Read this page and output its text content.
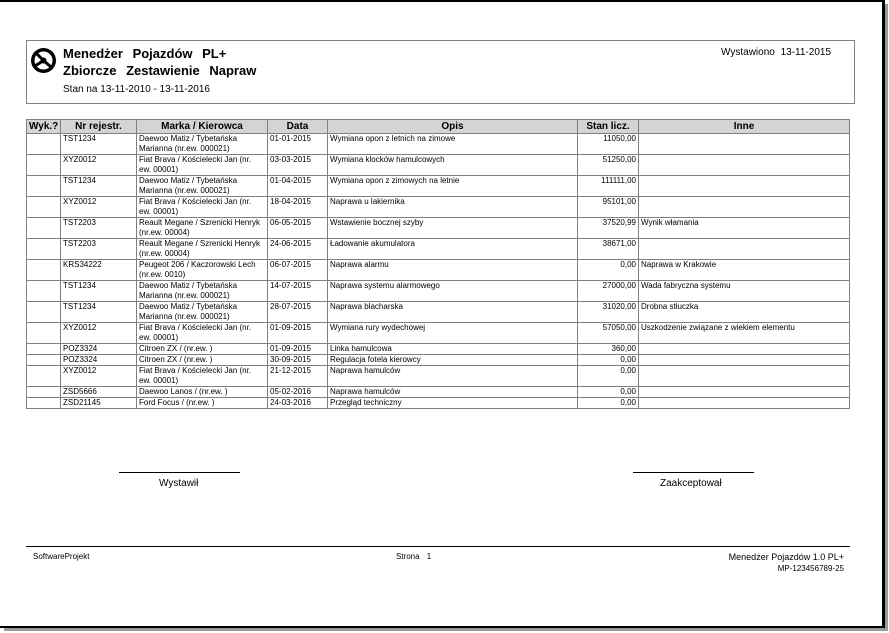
Menedżer Pojazdów PL+
Zbiorcze Zestawienie Napraw
Stan na 13-11-2010 - 13-11-2016
Wystawiono 13-11-2015
Wyk.?	Nr rejestr.	Marka / Kierowca	Data	Opis	Stan licz.	Inne
	TST1234	Daewoo Matiz / Tybetańska Marianna (nr.ew. 000021)	01-01-2015	Wymiana opon z letnich na zimowe	11050,00	
	XYZ0012	Fiat Brava / Kościelecki Jan (nr. ew. 00001)	03-03-2015	Wymiana klocków hamulcowych	51250,00	
	TST1234	Daewoo Matiz / Tybetańska Marianna (nr.ew. 000021)	01-04-2015	Wymiana opon z zimowych na letnie	111111,00	
	XYZ0012	Fiat Brava / Kościelecki Jan (nr. ew. 00001)	18-04-2015	Naprawa u lakiernika	95101,00	
	TST2203	Reault Megane / Szrenicki Henryk (nr.ew. 00004)	06-05-2015	Wstawienie bocznej szyby	37520,99	Wynik włamania
	TST2203	Reault Megane / Szrenicki Henryk (nr.ew. 00004)	24-06-2015	Ładowanie akumulatora	38671,00	
	KRS34222	Peugeot 206 / Kaczorowski Lech (nr.ew. 0010)	06-07-2015	Naprawa alarmu	0,00	Naprawa w Krakowie
	TST1234	Daewoo Matiz / Tybetańska Marianna (nr.ew. 000021)	14-07-2015	Naprawa systemu alarmowego	27000,00	Wada fabryczna systemu
	TST1234	Daewoo Matiz / Tybetańska Marianna (nr.ew. 000021)	28-07-2015	Naprawa blacharska	31020,00	Drobna stłuczka
	XYZ0012	Fiat Brava / Kościelecki Jan (nr. ew. 00001)	01-09-2015	Wymiana rury wydechowej	57050,00	Uszkodzenie związane z wiekiem elementu
	POZ3324	Citroen ZX / (nr.ew. )	01-09-2015	Linka hamulcowa	360,00	
	POZ3324	Citroen ZX / (nr.ew. )	30-09-2015	Regulacja fotela kierowcy	0,00	
	XYZ0012	Fiat Brava / Kościelecki Jan (nr. ew. 00001)	21-12-2015	Naprawa hamulców	0,00	
	ZSD5666	Daewoo Lanos / (nr.ew. )	05-02-2016	Naprawa hamulców	0,00	
	ZSD21145	Ford Focus / (nr.ew. )	24-03-2016	Przegląd techniczny	0,00	
Wystawił	Zaakceptował
SoftwareProjekt	Strona 1	Menedżer Pojazdów 1.0 PL+
MP-123456789-25
